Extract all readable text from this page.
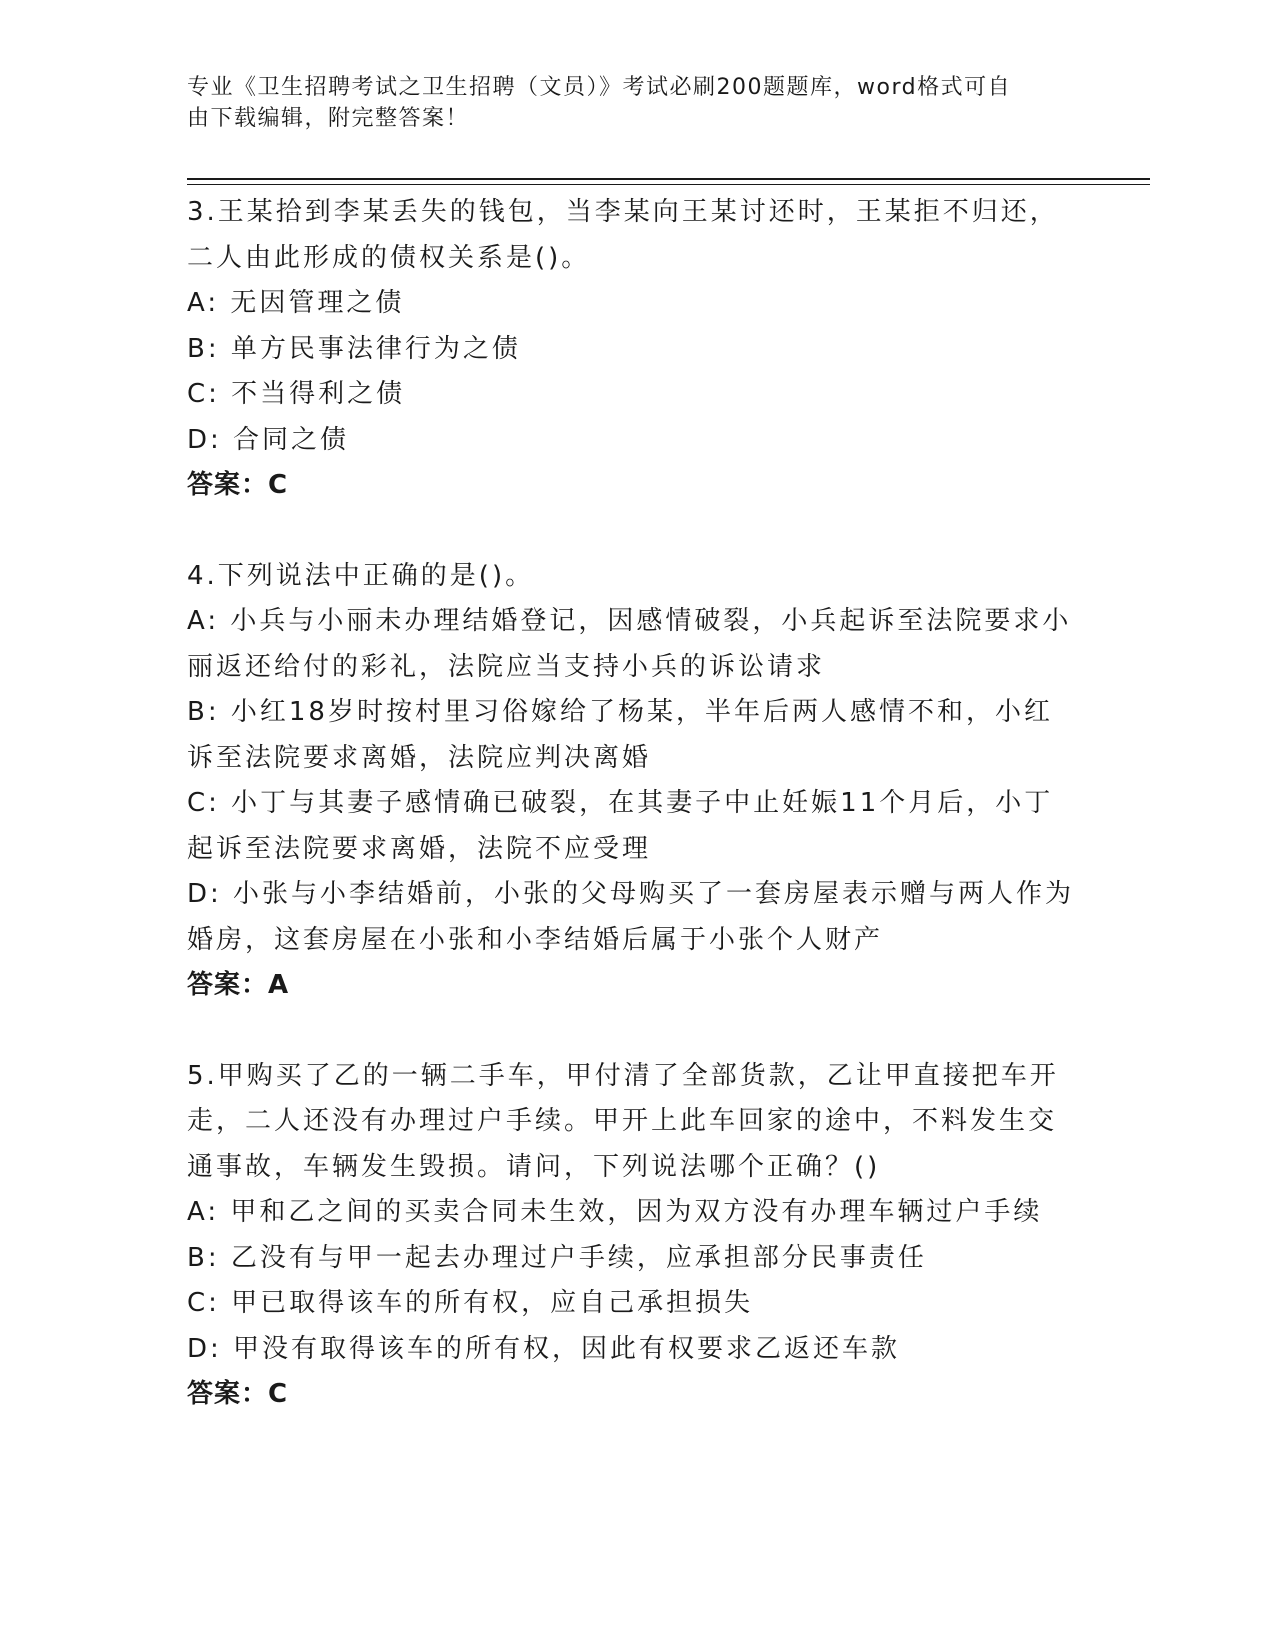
专业《卫生招聘考试之卫生招聘（文员）》考试必刷200题题库，word格式可自
由下载编辑，附完整答案！
3.王某拾到李某丢失的钱包，当李某向王某讨还时，王某拒不归还，
二人由此形成的债权关系是()。
A: 无因管理之债
B: 单方民事法律行为之债
C: 不当得利之债
D: 合同之债
答案：C
4.下列说法中正确的是()。
A: 小兵与小丽未办理结婚登记，因感情破裂，小兵起诉至法院要求小
丽返还给付的彩礼，法院应当支持小兵的诉讼请求
B: 小红18岁时按村里习俗嫁给了杨某，半年后两人感情不和，小红
诉至法院要求离婚，法院应判决离婚
C: 小丁与其妻子感情确已破裂，在其妻子中止妊娠11个月后，小丁
起诉至法院要求离婚，法院不应受理
D: 小张与小李结婚前，小张的父母购买了一套房屋表示赠与两人作为
婚房，这套房屋在小张和小李结婚后属于小张个人财产
答案：A
5.甲购买了乙的一辆二手车，甲付清了全部货款，乙让甲直接把车开
走，二人还没有办理过户手续。甲开上此车回家的途中，不料发生交
通事故，车辆发生毁损。请问，下列说法哪个正确？()
A: 甲和乙之间的买卖合同未生效，因为双方没有办理车辆过户手续
B: 乙没有与甲一起去办理过户手续，应承担部分民事责任
C: 甲已取得该车的所有权，应自己承担损失
D: 甲没有取得该车的所有权，因此有权要求乙返还车款
答案：C
